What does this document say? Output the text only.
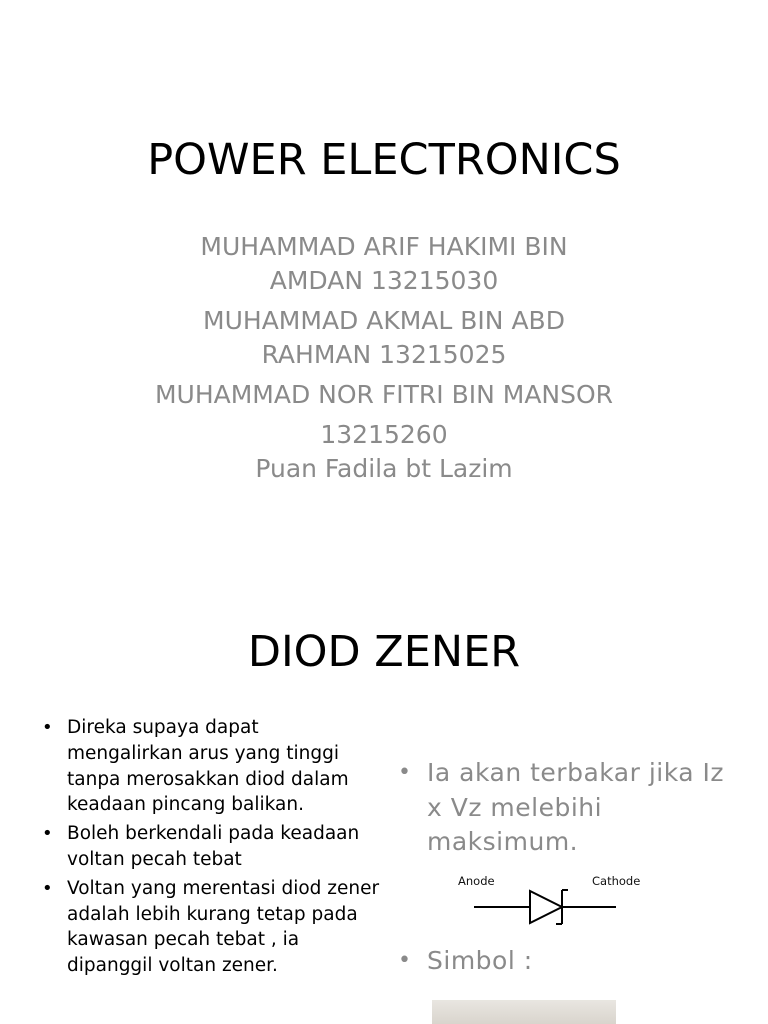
POWER ELECTRONICS
MUHAMMAD ARIF HAKIMI BIN
AMDAN 13215030
MUHAMMAD AKMAL BIN ABD
RAHMAN 13215025
MUHAMMAD NOR FITRI BIN MANSOR
13215260
Puan Fadila bt Lazim
DIOD ZENER
• Direka supaya dapat mengalirkan arus yang tinggi tanpa merosakkan diod dalam keadaan pincang balikan.
• Boleh berkendali pada keadaan voltan pecah tebat
• Voltan yang merentasi diod zener adalah lebih kurang tetap pada kawasan pecah tebat , ia dipanggil voltan zener.
• Ia akan terbakar jika Iz x Vz melebihi maksimum.
Anode	Cathode
• Simbol :
